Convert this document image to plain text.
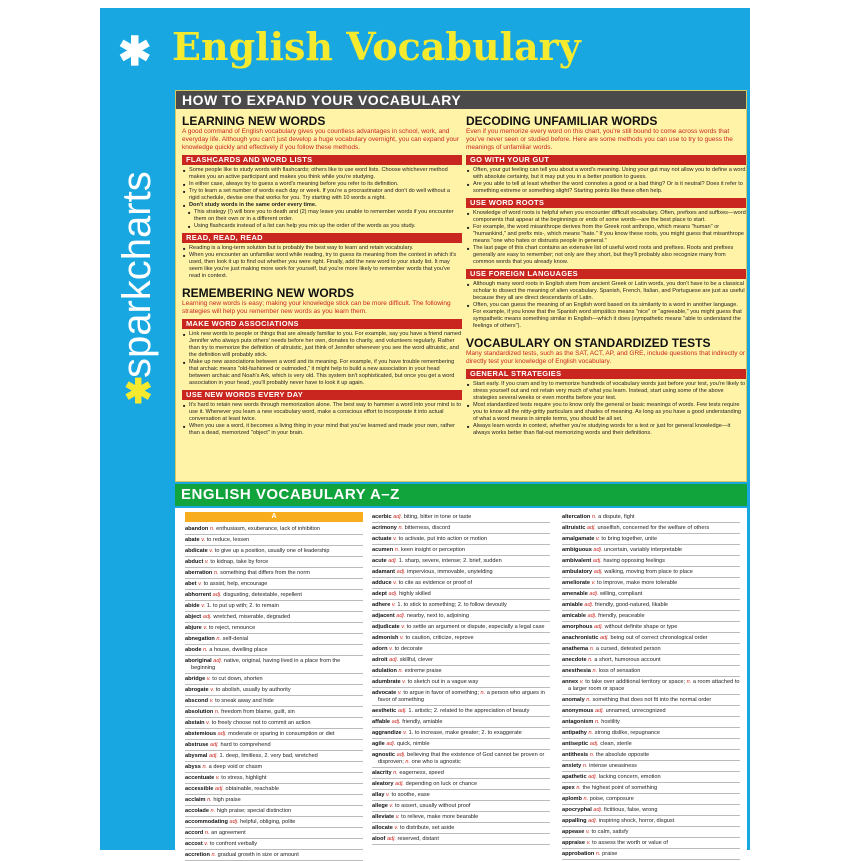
✱
sparkcharts
✱
English Vocabulary
HOW TO EXPAND YOUR VOCABULARY
LEARNING NEW WORDS
A good command of English vocabulary gives you countless advantages in school, work, and everyday life. Although you can't just develop a huge vocabulary overnight, you can expand your knowledge quickly and effectively if you follow these methods.
FLASHCARDS AND WORD LISTS
■ Some people like to study words with flashcards; others like to use word lists. Choose whichever method makes you an active participant and makes you think while you're studying.
■ In either case, always try to guess a word's meaning before you refer to its definition.
■ Try to learn a set number of words each day or week. If you're a procrastinator and don't do well without a rigid schedule, devise one that works for you. Try starting with 10 words a night.
■ Don't study words in the same order every time.
■ This strategy (!) will bore you to death and (2) may leave you unable to remember words if you encounter them on their own or in a different order.
■ Using flashcards instead of a list can help you mix up the order of the words as you study.
READ, READ, READ
■ Reading is a long-term solution but is probably the best way to learn and retain vocabulary.
■ When you encounter an unfamiliar word while reading, try to guess its meaning from the context in which it's used, then look it up to find out whether you were right. Finally, add the new word to your study list. It may seem like you're just making more work for yourself, but you're more likely to remember words that you've read in context.
REMEMBERING NEW WORDS
Learning new words is easy; making your knowledge stick can be more difficult. The following strategies will help you remember new words as you learn them.
MAKE WORD ASSOCIATIONS
■ Link new words to people or things that are already familiar to you. For example, say you have a friend named Jennifer who always puts others' needs before her own, donates to charity, and volunteers regularly. Rather than try to memorize the definition of altruistic, just think of Jennifer whenever you see the word altruistic, and the definition will probably stick.
■ Make up new associations between a word and its meaning. For example, if you have trouble remembering that archaic means "old-fashioned or outmoded," it might help to build a new association in your head between archaic and Noah's Ark, which is very old. This system isn't sophisticated, but once you get a word association in your head, you'll probably never have to look it up again.
USE NEW WORDS EVERY DAY
■ It's hard to retain new words through memorization alone. The best way to hammer a word into your mind is to use it. Whenever you learn a new vocabulary word, make a conscious effort to incorporate it into actual conversation at least twice.
■ When you use a word, it becomes a living thing in your mind that you've learned and made your own, rather than a dead, memorized "object" in your brain.
DECODING UNFAMILIAR WORDS
Even if you memorize every word on this chart, you're still bound to come across words that you've never seen or studied before. Here are some methods you can use to try to guess the meanings of unfamiliar words.
GO WITH YOUR GUT
■ Often, your gut feeling can tell you about a word's meaning. Using your gut may not allow you to define a word with absolute certainty, but it may put you in a better position to guess.
■ Are you able to tell at least whether the word connotes a good or a bad thing? Or is it neutral? Does it refer to something extreme or something slight? Starting points like these often help.
USE WORD ROOTS
■ Knowledge of word roots is helpful when you encounter difficult vocabulary. Often, prefixes and suffixes—word components that appear at the beginnings or ends of some words—are the best place to start.
■ For example, the word misanthrope derives from the Greek root anthropo, which means "human" or "humankind," and prefix mis-, which means "hate." If you know these roots, you might guess that misanthrope means "one who hates or distrusts people in general."
■ The last page of this chart contains an extensive list of useful word roots and prefixes. Roots and prefixes generally are easy to remember; not only are they short, but they'll probably also recognize many from common words that you already know.
USE FOREIGN LANGUAGES
■ Although many word roots in English stem from ancient Greek or Latin words, you don't have to be a classical scholar to dissect the meaning of alien vocabulary. Spanish, French, Italian, and Portuguese are just as useful because they all are direct descendants of Latin.
■ Often, you can guess the meaning of an English word based on its similarity to a word in another language. For example, if you know that the Spanish word simpático means "nice" or "agreeable," you might guess that sympathetic means something similar in English—which it does (sympathetic means "able to understand the feelings of others").
VOCABULARY ON STANDARDIZED TESTS
Many standardized tests, such as the SAT, ACT, AP, and GRE, include questions that indirectly or directly test your knowledge of English vocabulary.
GENERAL STRATEGIES
■ Start early. If you cram and try to memorize hundreds of vocabulary words just before your test, you're likely to stress yourself out and not retain very much of what you learn. Instead, start using some of the above strategies several weeks or even months before your test.
■ Most standardized tests require you to know only the general or basic meanings of words. Few tests require you to know all the nitty-gritty particulars and shades of meaning. As long as you have a good understanding of what a word means in simple terms, you should be all set.
■ Always learn words in context, whether you're studying words for a test or just for general knowledge—it always works better than flat-out memorizing words and their definitions.
ENGLISH VOCABULARY A–Z
A
abandon n. enthusiasm, exuberance, lack of inhibition
abate v. to reduce, lessen
abdicate v. to give up a position, usually one of leadership
abduct v. to kidnap, take by force
aberration n. something that differs from the norm
abet v. to assist, help, encourage
abhorrent adj. disgusting, detestable, repellent
abide v. 1. to put up with; 2. to remain
abject adj. wretched, miserable, degraded
abjure v. to reject, renounce
abnegation n. self-denial
abode n. a house, dwelling place
aboriginal adj. native, original, having lived in a place from the beginning
abridge v. to cut down, shorten
abrogate v. to abolish, usually by authority
abscond v. to sneak away and hide
absolution n. freedom from blame, guilt, sin
abstain v. to freely choose not to commit an action
abstemious adj. moderate or sparing in consumption or diet
abstruse adj. hard to comprehend
abysmal adj. 1. deep, limitless, 2. very bad, wretched
abyss n. a deep void or chasm
accentuate v. to stress, highlight
accessible adj. obtainable, reachable
acclaim n. high praise
accolade n. high praise; special distinction
accommodating adj. helpful, obliging, polite
accord n. an agreement
accost v. to confront verbally
accretion n. gradual growth in size or amount
acerbic adj. biting, bitter in tone or taste
acrimony n. bitterness, discord
actuate v. to activate, put into action or motion
acumen n. keen insight or perception
acute adj. 1. sharp, severe, intense; 2. brief, sudden
adamant adj. impervious, immovable, unyielding
adduce v. to cite as evidence or proof of
adept adj. highly skilled
adhere v. 1. to stick to something; 2. to follow devoutly
adjacent adj. nearby, next to, adjoining
adjudicate v. to settle an argument or dispute, especially a legal case
admonish v. to caution, criticize, reprove
adorn v. to decorate
adroit adj. skillful, clever
adulation n. extreme praise
adumbrate v. to sketch out in a vague way
advocate v. to argue in favor of something; n. a person who argues in favor of something
aesthetic adj. 1. artistic; 2. related to the appreciation of beauty
affable adj. friendly, amiable
aggrandize v. 1. to increase, make greater; 2. to exaggerate
agile adj. quick, nimble
agnostic adj. believing that the existence of God cannot be proven or disproven; n. one who is agnostic
alacrity n. eagerness, speed
aleatory adj. depending on luck or chance
allay v. to soothe, ease
allege v. to assert, usually without proof
alleviate v. to relieve, make more bearable
allocate v. to distribute, set aside
aloof adj. reserved, distant
altercation n. a dispute, fight
altruistic adj. unselfish, concerned for the welfare of others
amalgamate v. to bring together, unite
ambiguous adj. uncertain, variably interpretable
ambivalent adj. having opposing feelings
ambulatory adj. walking, moving from place to place
ameliorate v. to improve, make more tolerable
amenable adj. willing, compliant
amiable adj. friendly, good-natured, likable
amicable adj. friendly, peaceable
amorphous adj. without definite shape or type
anachronistic adj. being out of correct chronological order
anathema n. a cursed, detested person
anecdote n. a short, humorous account
anesthesia n. loss of sensation
annex v. to take over additional territory or space; n. a room attached to a larger room or space
anomaly n. something that does not fit into the normal order
anonymous adj. unnamed, unrecognized
antagonism n. hostility
antipathy n. strong dislike, repugnance
antiseptic adj. clean, sterile
antithesis n. the absolute opposite
anxiety n. intense uneasiness
apathetic adj. lacking concern, emotion
apex n. the highest point of something
aplomb n. poise, composure
apocryphal adj. fictitious, false, wrong
appalling adj. inspiring shock, horror, disgust
appease v. to calm, satisfy
appraise v. to assess the worth or value of
approbation n. praise
